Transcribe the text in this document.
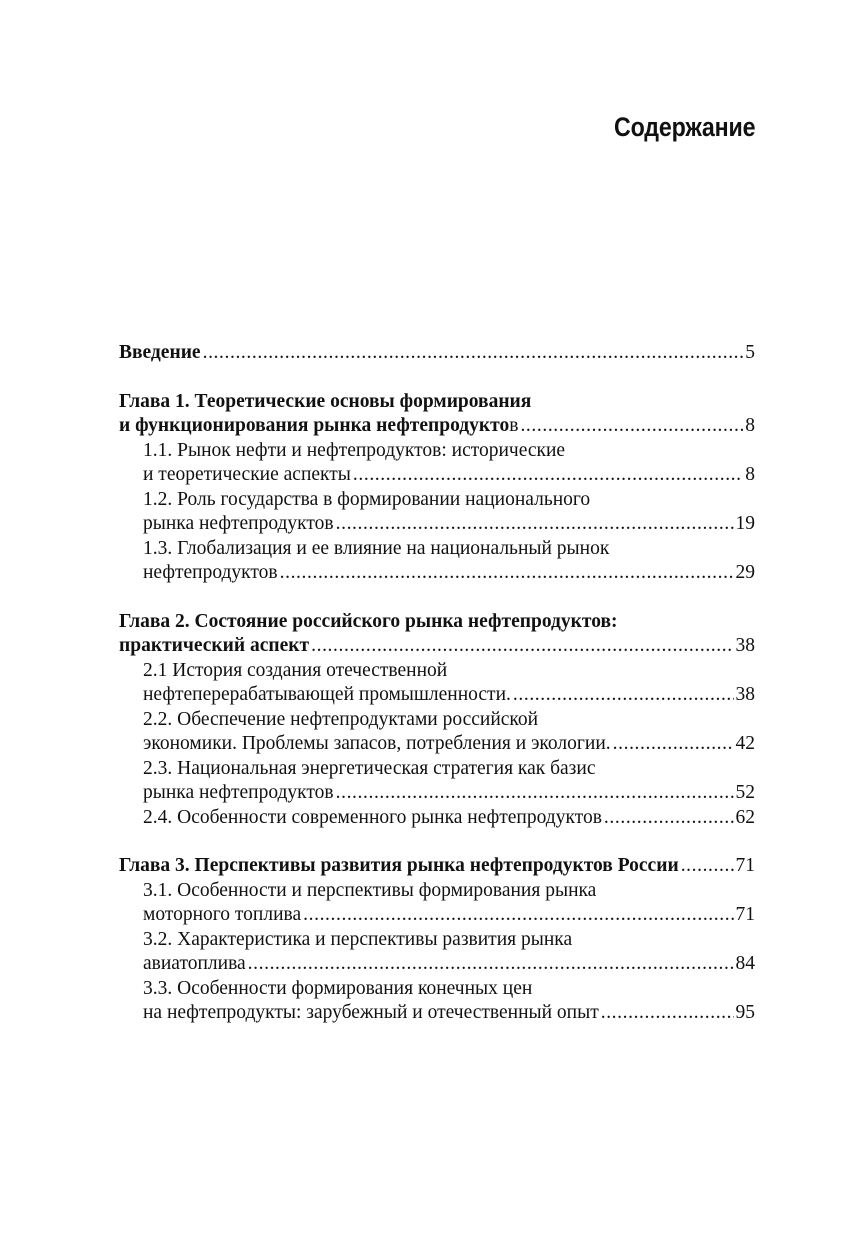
Содержание
Введение .....	5
Глава 1. Теоретические основы формирования
и функционирования рынка нефтепродуктов .....	8
1.1. Рынок нефти и нефтепродуктов: исторические
и теоретические аспекты .....	8
1.2. Роль государства в формировании национального
рынка нефтепродуктов .....	19
1.3. Глобализация и ее влияние на национальный рынок
нефтепродуктов .....	29
Глава 2. Состояние российского рынка нефтепродуктов:
практический аспект .....	38
2.1 История создания отечественной
нефтеперерабатывающей промышленности. .....	38
2.2. Обеспечение нефтепродуктами российской
экономики. Проблемы запасов, потребления и экологии. .....	42
2.3. Национальная энергетическая стратегия как базис
рынка нефтепродуктов .....	52
2.4. Особенности современного рынка нефтепродуктов .....	62
Глава 3. Перспективы развития рынка нефтепродуктов России .....	71
3.1. Особенности и перспективы формирования рынка
моторного топлива .....	71
3.2. Характеристика и перспективы развития рынка
авиатоплива .....	84
3.3. Особенности формирования конечных цен
на нефтепродукты: зарубежный и отечественный опыт .....	95
